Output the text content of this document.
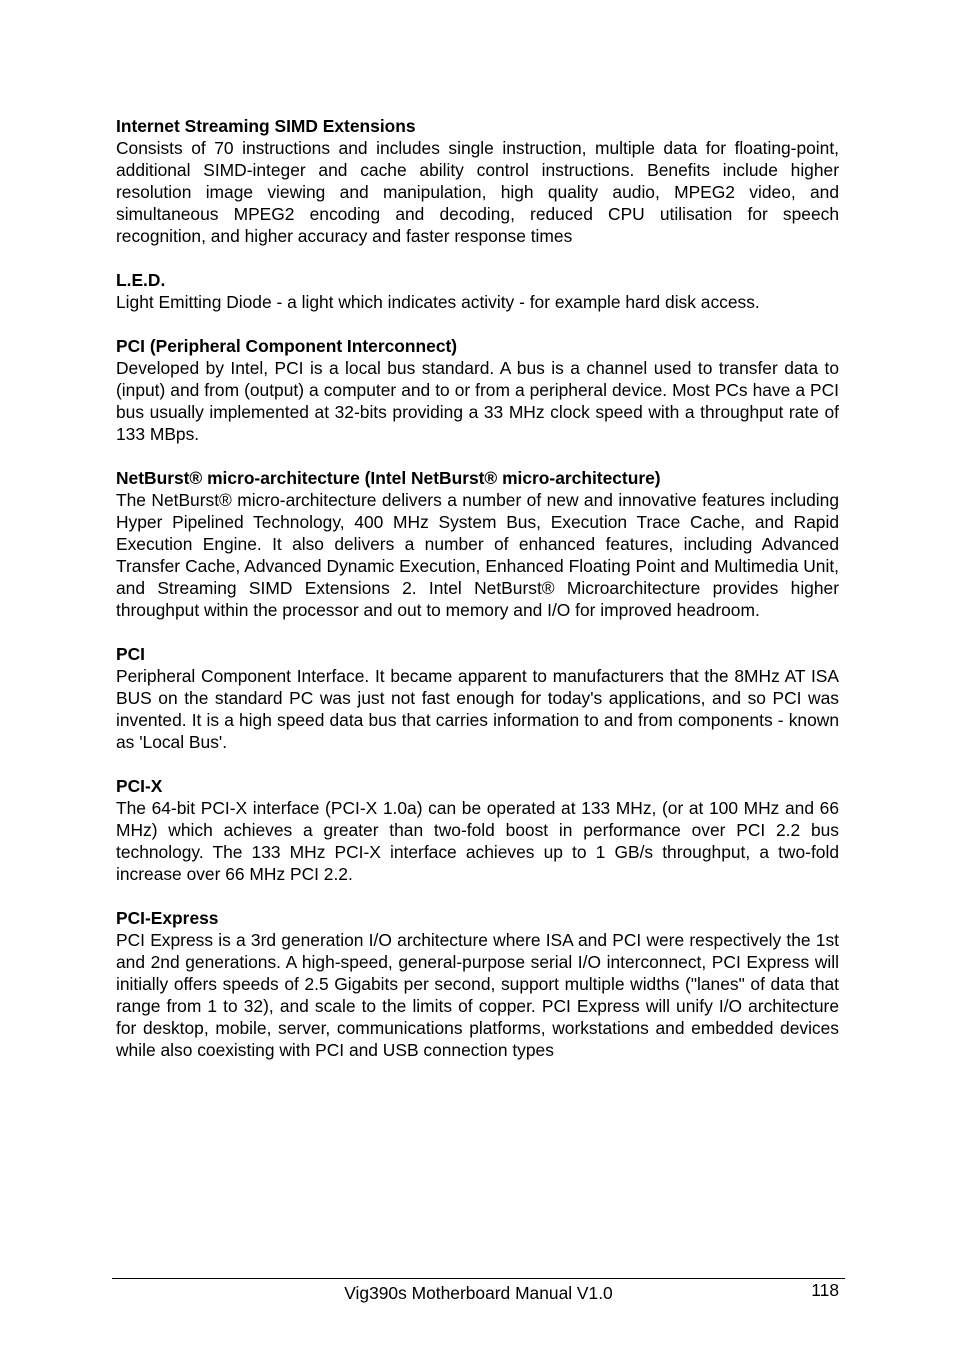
Internet Streaming SIMD Extensions

Consists of 70 instructions and includes single instruction, multiple data for floating-point, additional SIMD-integer and cache ability control instructions. Benefits include higher resolution image viewing and manipulation, high quality audio, MPEG2 video, and simultaneous MPEG2 encoding and decoding, reduced CPU utilisation for speech recognition, and higher accuracy and faster response times

L.E.D.

Light Emitting Diode - a light which indicates activity - for example hard disk access.

PCI (Peripheral Component Interconnect)

Developed by Intel, PCI is a local bus standard. A bus is a channel used to transfer data to (input) and from (output) a computer and to or from a peripheral device. Most PCs have a PCI bus usually implemented at 32-bits providing a 33 MHz clock speed with a throughput rate of 133 MBps.

NetBurst® micro-architecture (Intel NetBurst® micro-architecture)

The NetBurst® micro-architecture delivers a number of new and innovative features including Hyper Pipelined Technology, 400 MHz System Bus, Execution Trace Cache, and Rapid Execution Engine. It also delivers a number of enhanced features, including Advanced Transfer Cache, Advanced Dynamic Execution, Enhanced Floating Point and Multimedia Unit, and Streaming SIMD Extensions 2. Intel NetBurst® Microarchitecture provides higher throughput within the processor and out to memory and I/O for improved headroom.

PCI

Peripheral Component Interface. It became apparent to manufacturers that the 8MHz AT ISA BUS on the standard PC was just not fast enough for today's applications, and so PCI was invented. It is a high speed data bus that carries information to and from components - known as 'Local Bus'.

PCI-X

The 64-bit PCI-X interface (PCI-X 1.0a) can be operated at 133 MHz, (or at 100 MHz and 66 MHz) which achieves a greater than two-fold boost in performance over PCI 2.2 bus technology. The 133 MHz PCI-X interface achieves up to 1 GB/s throughput, a two-fold increase over 66 MHz PCI 2.2.

PCI-Express

PCI Express is a 3rd generation I/O architecture where ISA and PCI were respectively the 1st and 2nd generations. A high-speed, general-purpose serial I/O interconnect, PCI Express will initially offers speeds of 2.5 Gigabits per second, support multiple widths ("lanes" of data that range from 1 to 32), and scale to the limits of copper. PCI Express will unify I/O architecture for desktop, mobile, server, communications platforms, workstations and embedded devices while also coexisting with PCI and USB connection types

Vig390s Motherboard Manual V1.0	118
